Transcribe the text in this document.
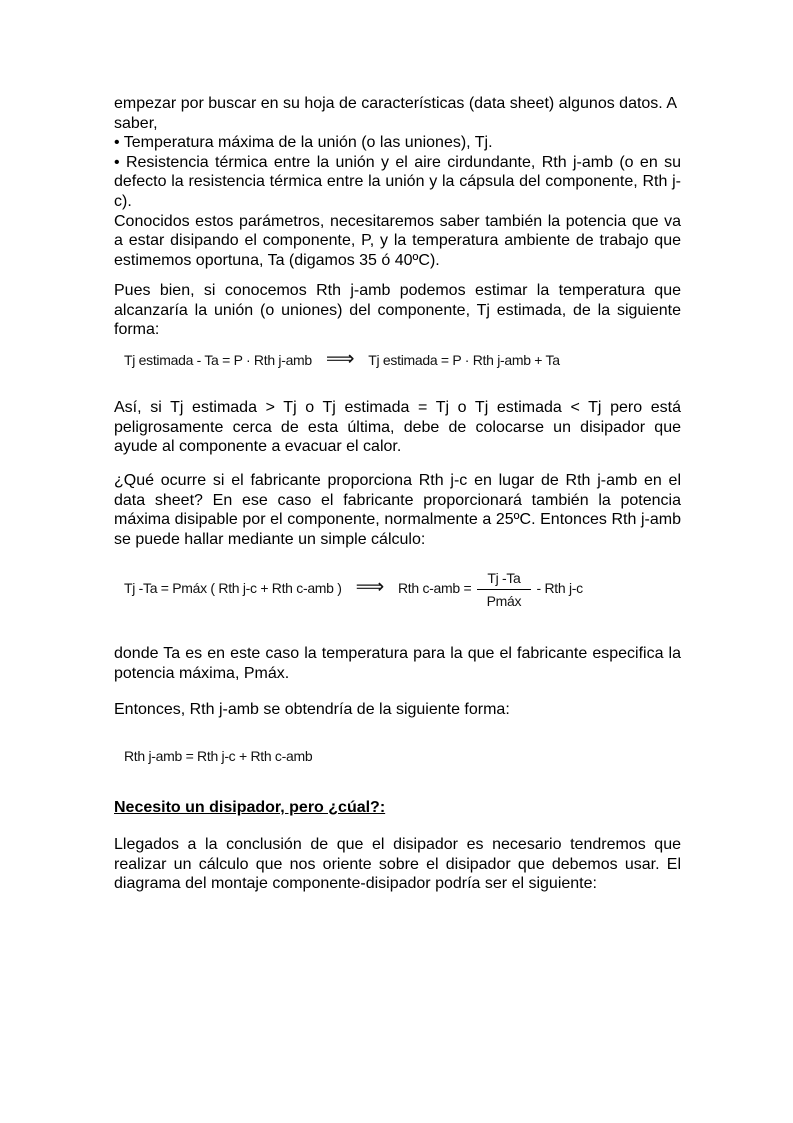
empezar por buscar en su hoja de características (data sheet) algunos datos. A saber,

• Temperatura máxima de la unión (o las uniones), Tj.

• Resistencia térmica entre la unión y el aire cirdundante, Rth j-amb (o en su defecto la resistencia térmica entre la unión y la cápsula del componente, Rth j-c).

Conocidos estos parámetros, necesitaremos saber también la potencia que va a estar disipando el componente, P, y la temperatura ambiente de trabajo que estimemos oportuna, Ta (digamos 35 ó 40ºC).

Pues bien, si conocemos Rth j-amb podemos estimar la temperatura que alcanzaría la unión (o uniones) del componente, Tj estimada, de la siguiente forma:
Tj estimada - Ta = P · Rth j-amb ⟹ Tj estimada = P · Rth j-amb + Ta
Así, si Tj estimada > Tj o Tj estimada = Tj o Tj estimada < Tj pero está peligrosamente cerca de esta última, debe de colocarse un disipador que ayude al componente a evacuar el calor.
¿Qué ocurre si el fabricante proporciona Rth j-c en lugar de Rth j-amb en el data sheet? En ese caso el fabricante proporcionará también la potencia máxima disipable por el componente, normalmente a 25ºC. Entonces Rth j-amb se puede hallar mediante un simple cálculo:
Tj -Ta = Pmáx ( Rth j-c + Rth c-amb ) ⟹ Rth $c-amb = \frac{Tj -Ta}{\text{Pmáx}}$ - Rth j-c
donde Ta es en este caso la temperatura para la que el fabricante especifica la potencia máxima, Pmáx.
Entonces, Rth j-amb se obtendría de la siguiente forma:
Rth j-amb = Rth j-c + Rth c-amb
Necesito un disipador, pero ¿cúal?:
Llegados a la conclusión de que el disipador es necesario tendremos que realizar un cálculo que nos oriente sobre el disipador que debemos usar. El diagrama del montaje componente-disipador podría ser el siguiente:
